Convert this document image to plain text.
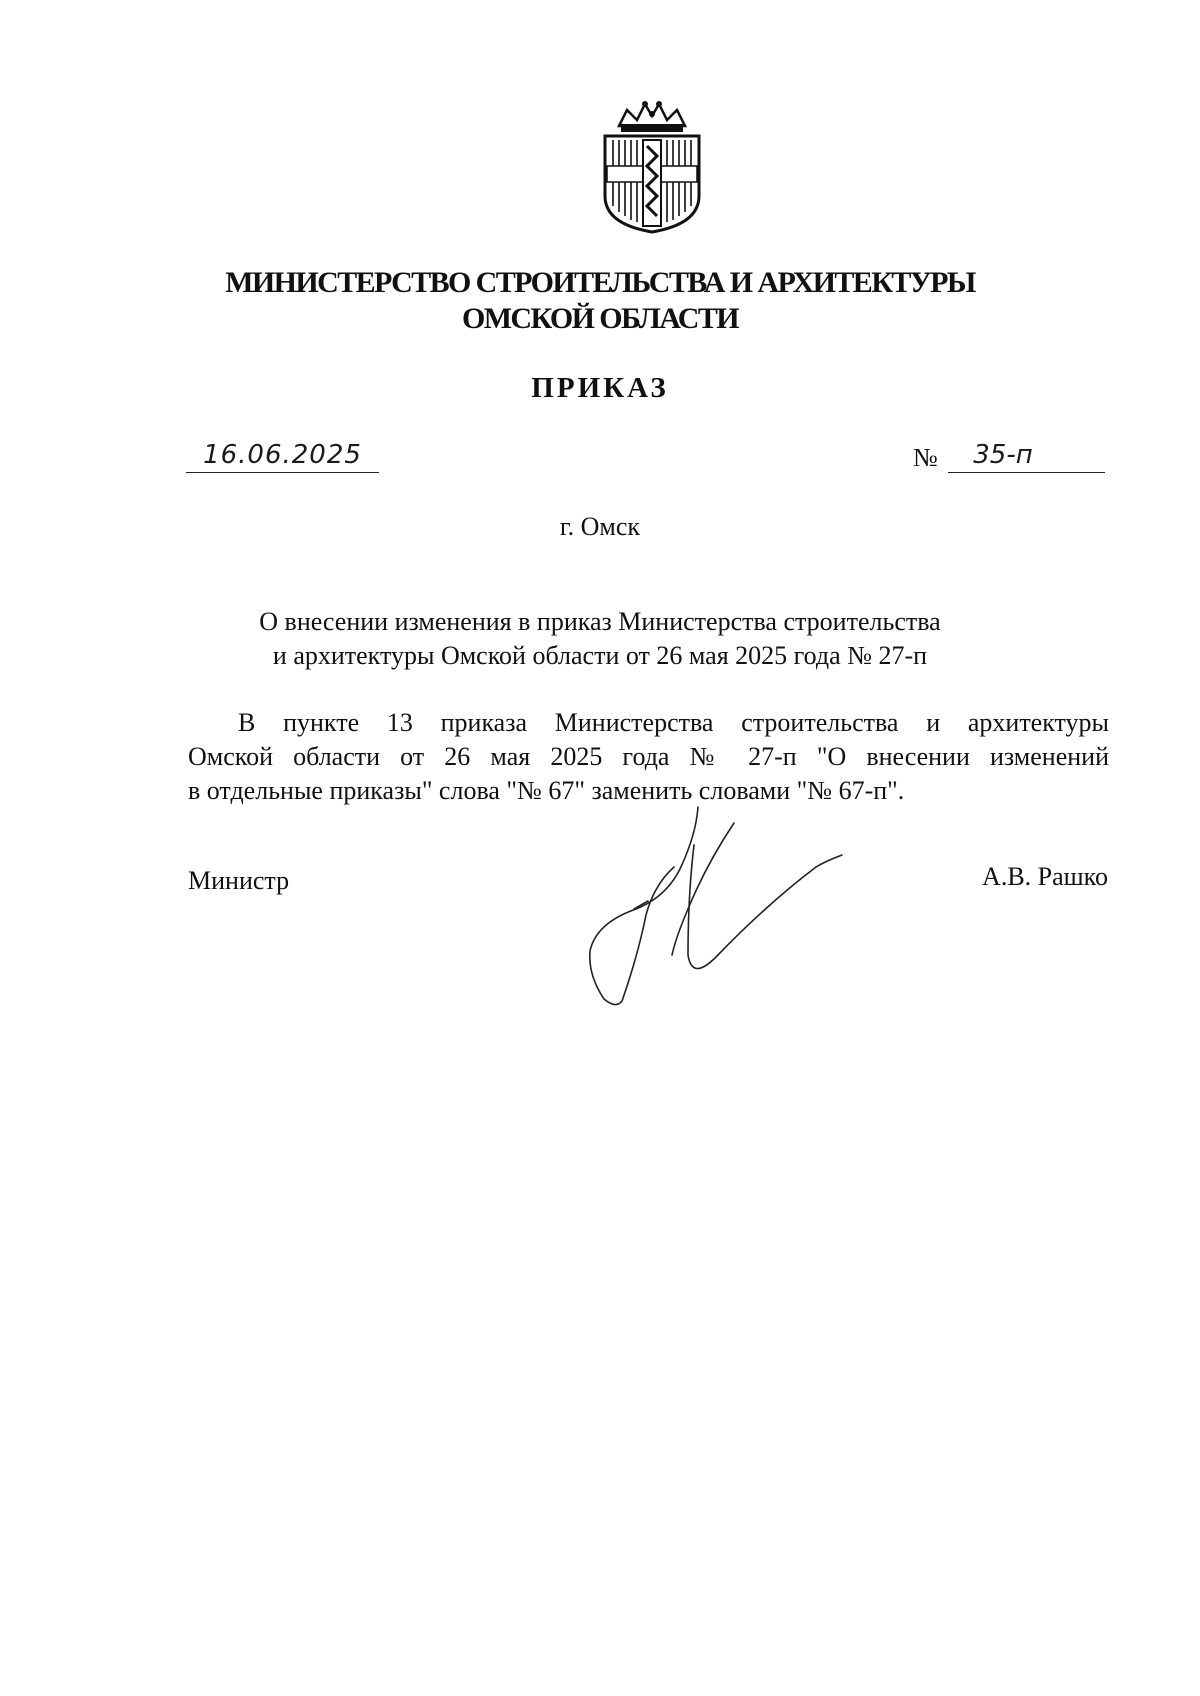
МИНИСТЕРСТВО СТРОИТЕЛЬСТВА И АРХИТЕКТУРЫ
ОМСКОЙ ОБЛАСТИ
ПРИКАЗ
16.06.2025	№	35-п
г. Омск
О внесении изменения в приказ Министерства строительства
и архитектуры Омской области от 26 мая 2025 года № 27-п
В пункте 13 приказа Министерства строительства и архитектуры
Омской области от 26 мая 2025 года № 27-п "О внесении изменений
в отдельные приказы" слова "№ 67" заменить словами "№ 67-п".
Министр	А.В. Рашко
